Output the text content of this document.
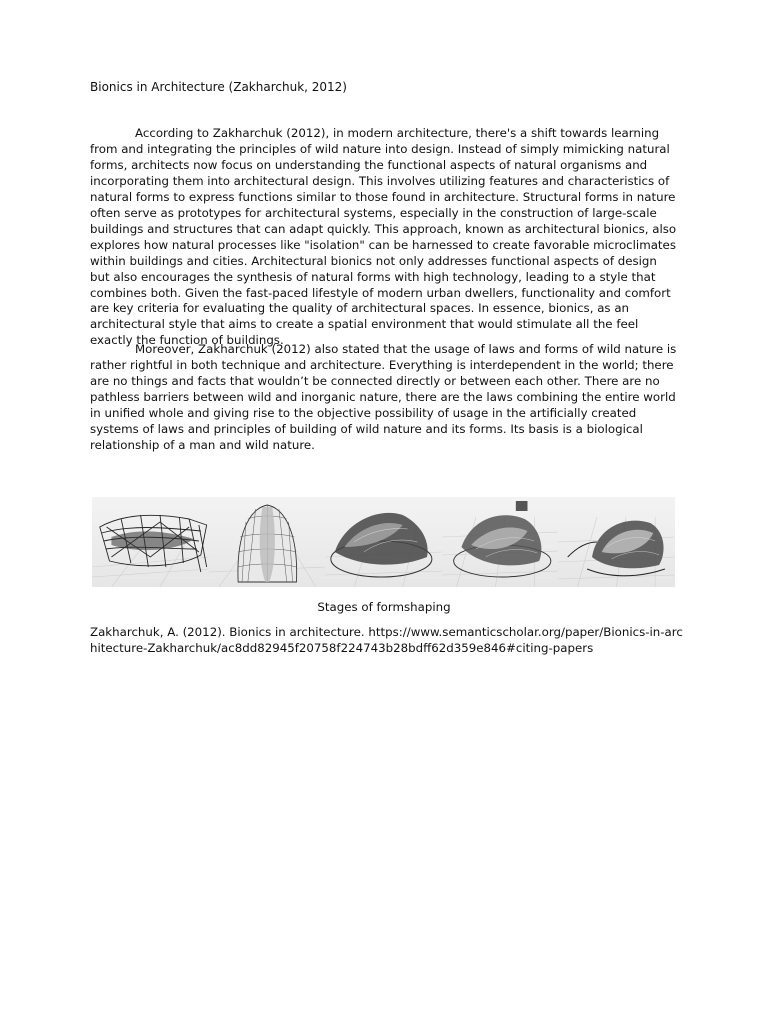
Bionics in Architecture (Zakharchuk, 2012)

According to Zakharchuk (2012), in modern architecture, there's a shift towards learning from and integrating the principles of wild nature into design. Instead of simply mimicking natural forms, architects now focus on understanding the functional aspects of natural organisms and incorporating them into architectural design. This involves utilizing features and characteristics of natural forms to express functions similar to those found in architecture. Structural forms in nature often serve as prototypes for architectural systems, especially in the construction of large-scale buildings and structures that can adapt quickly. This approach, known as architectural bionics, also explores how natural processes like "isolation" can be harnessed to create favorable microclimates within buildings and cities. Architectural bionics not only addresses functional aspects of design but also encourages the synthesis of natural forms with high technology, leading to a style that combines both. Given the fast-paced lifestyle of modern urban dwellers, functionality and comfort are key criteria for evaluating the quality of architectural spaces. In essence, bionics, as an architectural style that aims to create a spatial environment that would stimulate all the feel exactly the function of buildings.

Moreover, Zakharchuk (2012) also stated that the usage of laws and forms of wild nature is rather rightful in both technique and architecture. Everything is interdependent in the world; there are no things and facts that wouldn’t be connected directly or between each other. There are no pathless barriers between wild and inorganic nature, there are the laws combining the entire world in unified whole and giving rise to the objective possibility of usage in the artificially created systems of laws and principles of building of wild nature and its forms. Its basis is a biological relationship of a man and wild nature.

Stages of formshaping

Zakharchuk, A. (2012). Bionics in architecture. https://www.semanticscholar.org/paper/Bionics-in-architecture-Zakharchuk/ac8dd82945f20758f224743b28bdff62d359e846#citing-papers
